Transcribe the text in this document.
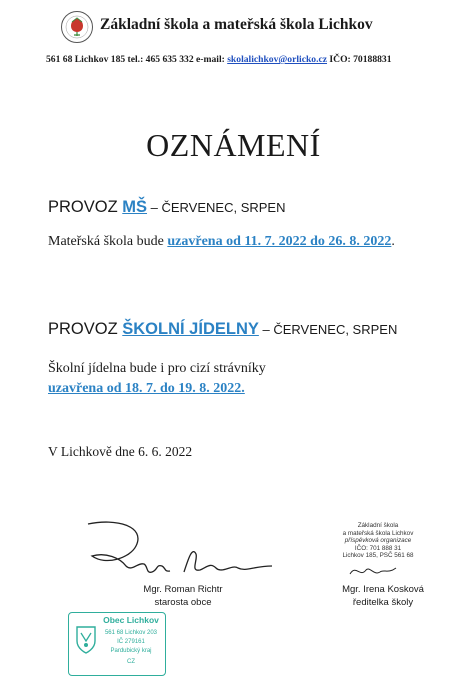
Základní škola a mateřská škola Lichkov
561 68 Lichkov 185 tel.: 465 635 332 e-mail: skolalichkov@orlicko.cz IČO: 70188831
OZNÁMENÍ
PROVOZ MŠ – ČERVENEC, SRPEN
Mateřská škola bude uzavřena od 11. 7. 2022 do 26. 8. 2022.
PROVOZ ŠKOLNÍ JÍDELNY – ČERVENEC, SRPEN
Školní jídelna bude i pro cizí strávníky
uzavřena od 18. 7. do 19. 8. 2022.
V Lichkově dne 6. 6. 2022
Základní škola
a mateřská škola Lichkov
příspěvková organizace
IČO: 701 888 31
Lichkov 185, PSČ 561 68
Mgr. Roman Richtr
starosta obce
Mgr. Irena Kosková
ředitelka školy
Obec Lichkov
561 68 Lichkov 203
IČ 279161
Pardubický kraj
CZ
